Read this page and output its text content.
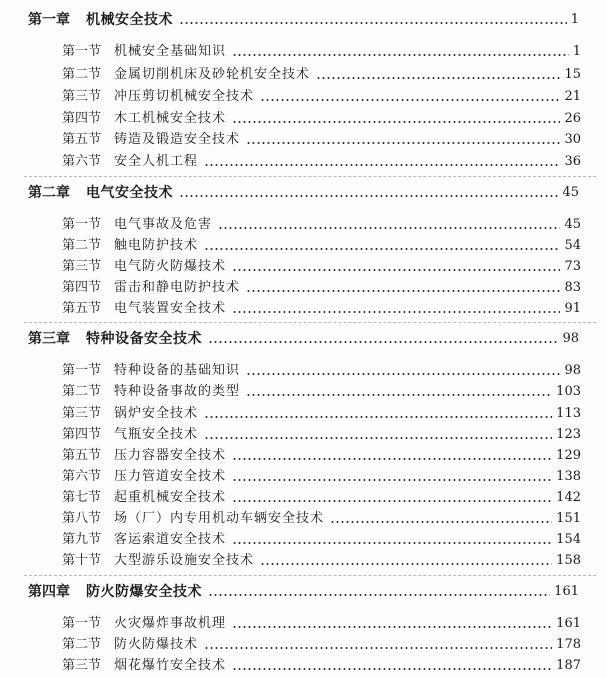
第一章	机械安全技术	1
第一节 机械安全基础知识	1
第二节 金属切削机床及砂轮机安全技术	15
第三节 冲压剪切机械安全技术	21
第四节 木工机械安全技术	26
第五节 铸造及锻造安全技术	30
第六节 安全人机工程	36
第二章	电气安全技术	45
第一节 电气事故及危害	45
第二节 触电防护技术	54
第三节 电气防火防爆技术	73
第四节 雷击和静电防护技术	83
第五节 电气装置安全技术	91
第三章	特种设备安全技术	98
第一节 特种设备的基础知识	98
第二节 特种设备事故的类型	103
第三节 锅炉安全技术	113
第四节 气瓶安全技术	123
第五节 压力容器安全技术	129
第六节 压力管道安全技术	138
第七节 起重机械安全技术	142
第八节 场（厂）内专用机动车辆安全技术	151
第九节 客运索道安全技术	154
第十节 大型游乐设施安全技术	158
第四章	防火防爆安全技术	161
第一节 火灾爆炸事故机理	161
第二节 防火防爆技术	178
第三节 烟花爆竹安全技术	187
